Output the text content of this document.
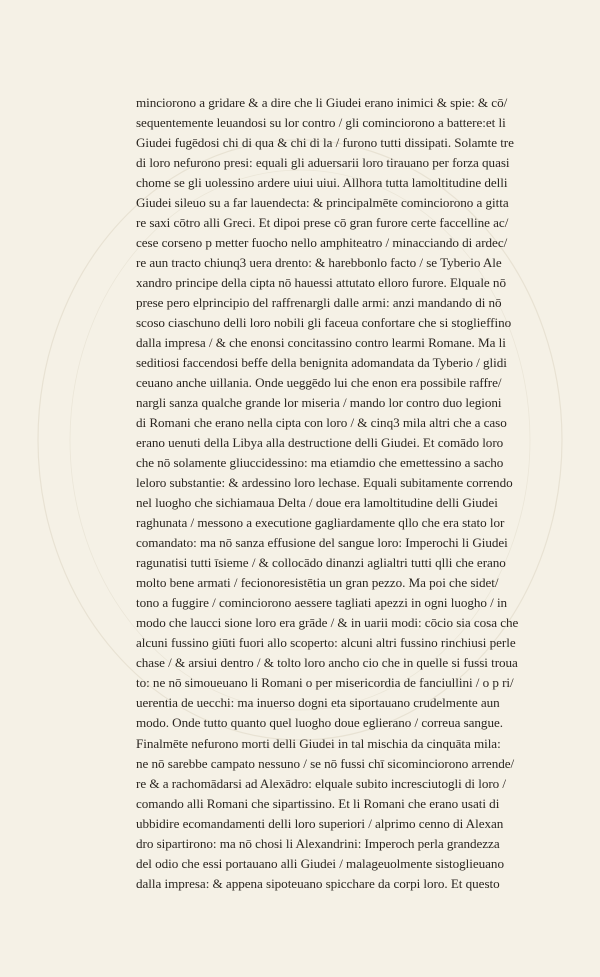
minciorono a gridare & a dire che li Giudei erano inimici & spie: & cō/
sequentemente leuandosi su lor contro / gli cominciorono a battere:et li
Giudei fugēdosi chi di qua & chi di la / furono tutti dissipati. Solamte tre
di loro nefurono presi: equali gli aduersarii loro tirauano per forza quasi
chome se gli uolessino ardere uiui uiui. Allhora tutta lamoltitudine delli
Giudei sileuo su a far lauendecta: & principalmēte cominciorono a gitta
re saxi cōtro alli Greci. Et dipoi prese cō gran furore certe faccelline ac/
cese corseno p metter fuocho nello amphiteatro / minacciando di ardec/
re aun tracto chiunq3 uera drento: & harebbonlo facto / se Tyberio Ale
xandro principe della cipta nō hauessi attutato elloro furore. Elquale nō
prese pero elprincipio del raffrenargli dalle armi: anzi mandando di nō
scoso ciaschuno delli loro nobili gli faceua confortare che si stoglieffino
dalla impresa / & che enonsi concitassino contro learmi Romane. Ma li
seditiosi faccendosi beffe della benignita adomandata da Tyberio / glidi
ceuano anche uillania. Onde ueggēdo lui che enon era possibile raffre/
nargli sanza qualche grande lor miseria / mando lor contro duo legioni
di Romani che erano nella cipta con loro / & cinq3 mila altri che a caso
erano uenuti della Libya alla destructione delli Giudei. Et comādo loro
che nō solamente gliuccidessino: ma etiamdio che emettessino a sacho
leloro substantie: & ardessino loro lechase. Equali subitamente correndo
nel luogho che sichiamaua Delta / doue era lamoltitudine delli Giudei
raghunata / messono a executione gagliardamente qllo che era stato lor
comandato: ma nō sanza effusione del sangue loro: Imperochi li Giudei
ragunatisi tutti īsieme / & collocādo dinanzi aglialtri tutti qlli che erano
molto bene armati / fecionoresistētia un gran pezzo. Ma poi che sidet/
tono a fuggire / cominciorono aessere tagliati apezzi in ogni luogho / in
modo che laucci sione loro era grāde / & in uarii modi: cōcio sia cosa che
alcuni fussino giūti fuori allo scoperto: alcuni altri fussino rinchiusi perle
chase / & arsiui dentro / & tolto loro ancho cio che in quelle si fussi troua
to: ne nō simoueuano li Romani o per misericordia de fanciullini / o p ri/
uerentia de uecchi: ma inuerso dogni eta siportauano crudelmente aun
modo. Onde tutto quanto quel luogho doue eglierano / correua sangue.
Finalmēte nefurono morti delli Giudei in tal mischia da cinquāta mila:
ne nō sarebbe campato nessuno / se nō fussi chī sicominciorono arrende/
re & a rachomādarsi ad Alexādro: elquale subito incresciutogli di loro /
comando alli Romani che sipartissino. Et li Romani che erano usati di
ubbidire ecomandamenti delli loro superiori / alprimo cenno di Alexan
dro sipartirono: ma nō chosi li Alexandrini: Imperoch perla grandezza
del odio che essi portauano alli Giudei / malageuolmente sistoglieuano
dalla impresa: & appena sipoteuano spicchare da corpi loro. Et questo
